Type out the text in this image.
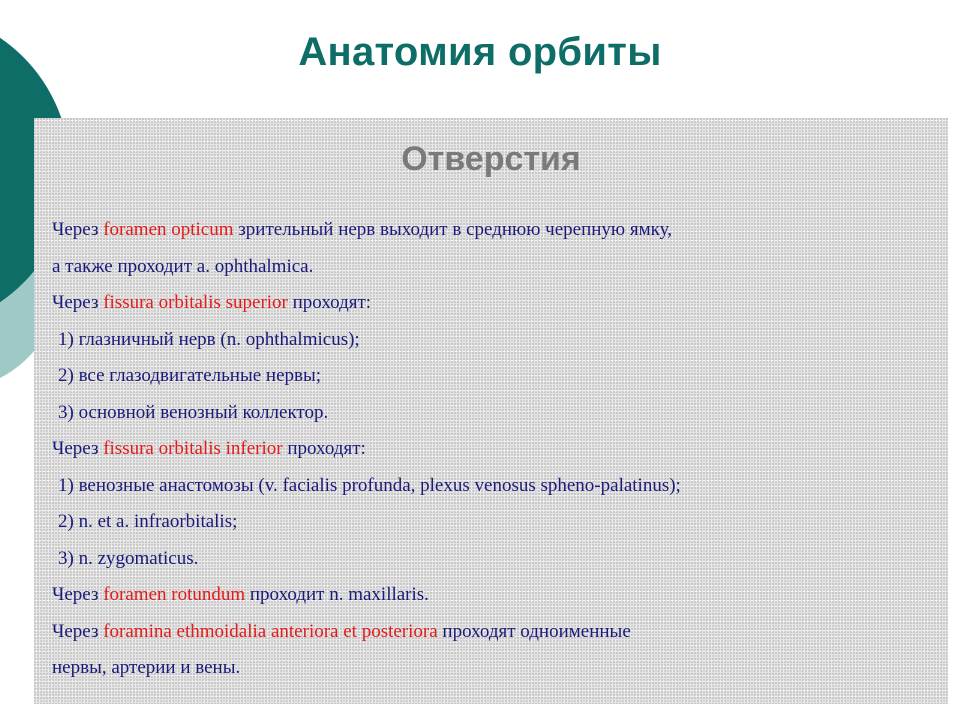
Анатомия орбиты
Отверстия
Через foramen opticum зрительный нерв выходит в среднюю черепную ямку,
а также проходит a. ophthalmica.
Через fissura orbitalis superior проходят:
1) глазничный нерв (n. ophthalmicus);
2) все глазодвигательные нервы;
3) основной венозный коллектор.
Через fissura orbitalis inferior проходят:
1) венозные анастомозы (v. facialis profunda, plexus venosus spheno-palatinus);
2) n. et a. infraorbitalis;
3) n. zygomaticus.
Через foramen rotundum проходит n. maxillaris.
Через foramina ethmoidalia anteriora et posteriora проходят одноименные
нервы, артерии и вены.
